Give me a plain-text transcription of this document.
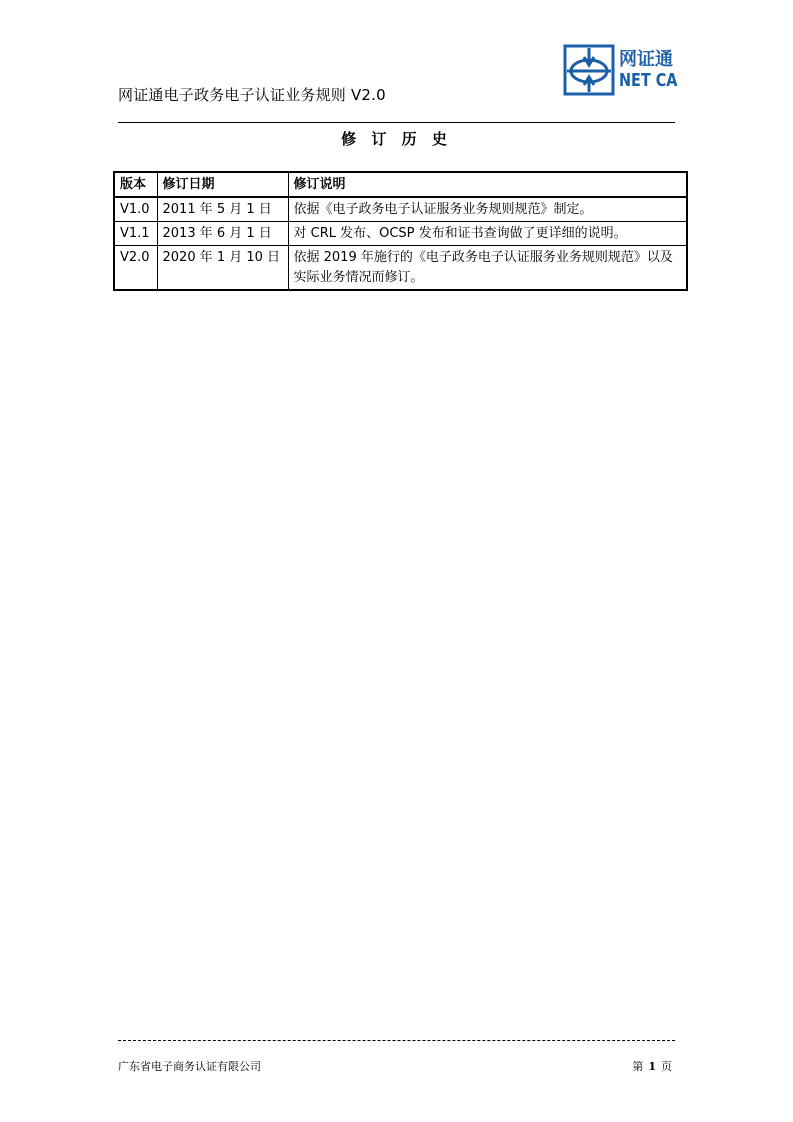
网证通电子政务电子认证业务规则 V2.0
网证通
NET CA
修 订 历 史
版本	修订日期	修订说明
V1.0	2011 年 5 月 1 日	依据《电子政务电子认证服务业务规则规范》制定。
V1.1	2013 年 6 月 1 日	对 CRL 发布、OCSP 发布和证书查询做了更详细的说明。
V2.0	2020 年 1 月 10 日	依据 2019 年施行的《电子政务电子认证服务业务规则规范》以及实际业务情况而修订。
广东省电子商务认证有限公司	第 1 页
